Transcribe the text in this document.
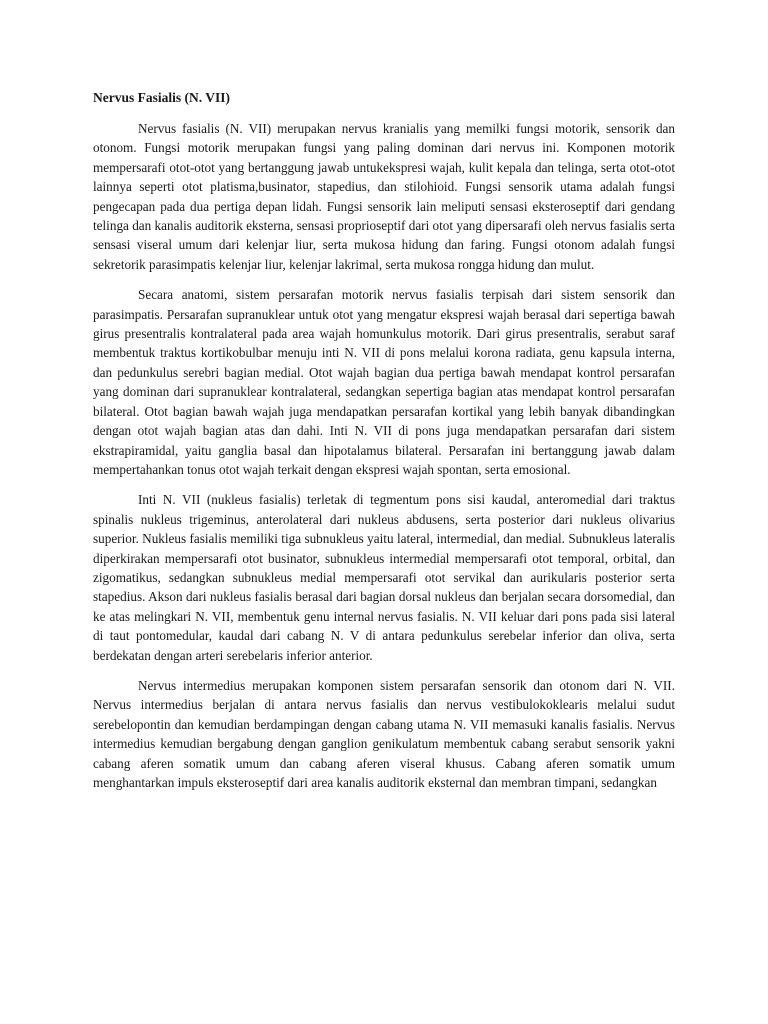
Nervus Fasialis (N. VII)

Nervus fasialis (N. VII) merupakan nervus kranialis yang memilki fungsi motorik, sensorik dan otonom. Fungsi motorik merupakan fungsi yang paling dominan dari nervus ini. Komponen motorik mempersarafi otot-otot yang bertanggung jawab untukekspresi wajah, kulit kepala dan telinga, serta otot-otot lainnya seperti otot platisma,businator, stapedius, dan stilohioid. Fungsi sensorik utama adalah fungsi pengecapan pada dua pertiga depan lidah. Fungsi sensorik lain meliputi sensasi eksteroseptif dari gendang telinga dan kanalis auditorik eksterna, sensasi proprioseptif dari otot yang dipersarafi oleh nervus fasialis serta sensasi viseral umum dari kelenjar liur, serta mukosa hidung dan faring. Fungsi otonom adalah fungsi sekretorik parasimpatis kelenjar liur, kelenjar lakrimal, serta mukosa rongga hidung dan mulut.

Secara anatomi, sistem persarafan motorik nervus fasialis terpisah dari sistem sensorik dan parasimpatis. Persarafan supranuklear untuk otot yang mengatur ekspresi wajah berasal dari sepertiga bawah girus presentralis kontralateral pada area wajah homunkulus motorik. Dari girus presentralis, serabut saraf membentuk traktus kortikobulbar menuju inti N. VII di pons melalui korona radiata, genu kapsula interna, dan pedunkulus serebri bagian medial. Otot wajah bagian dua pertiga bawah mendapat kontrol persarafan yang dominan dari supranuklear kontralateral, sedangkan sepertiga bagian atas mendapat kontrol persarafan bilateral. Otot bagian bawah wajah juga mendapatkan persarafan kortikal yang lebih banyak dibandingkan dengan otot wajah bagian atas dan dahi. Inti N. VII di pons juga mendapatkan persarafan dari sistem ekstrapiramidal, yaitu ganglia basal dan hipotalamus bilateral. Persarafan ini bertanggung jawab dalam mempertahankan tonus otot wajah terkait dengan ekspresi wajah spontan, serta emosional.

Inti N. VII (nukleus fasialis) terletak di tegmentum pons sisi kaudal, anteromedial dari traktus spinalis nukleus trigeminus, anterolateral dari nukleus abdusens, serta posterior dari nukleus olivarius superior. Nukleus fasialis memiliki tiga subnukleus yaitu lateral, intermedial, dan medial. Subnukleus lateralis diperkirakan mempersarafi otot businator, subnukleus intermedial mempersarafi otot temporal, orbital, dan zigomatikus, sedangkan subnukleus medial mempersarafi otot servikal dan aurikularis posterior serta stapedius. Akson dari nukleus fasialis berasal dari bagian dorsal nukleus dan berjalan secara dorsomedial, dan ke atas melingkari N. VII, membentuk genu internal nervus fasialis. N. VII keluar dari pons pada sisi lateral di taut pontomedular, kaudal dari cabang N. V di antara pedunkulus serebelar inferior dan oliva, serta berdekatan dengan arteri serebelaris inferior anterior.

Nervus intermedius merupakan komponen sistem persarafan sensorik dan otonom dari N. VII. Nervus intermedius berjalan di antara nervus fasialis dan nervus vestibulokoklearis melalui sudut serebelopontin dan kemudian berdampingan dengan cabang utama N. VII memasuki kanalis fasialis. Nervus intermedius kemudian bergabung dengan ganglion genikulatum membentuk cabang serabut sensorik yakni cabang aferen somatik umum dan cabang aferen viseral khusus. Cabang aferen somatik umum menghantarkan impuls eksteroseptif dari area kanalis auditorik eksternal dan membran timpani, sedangkan
